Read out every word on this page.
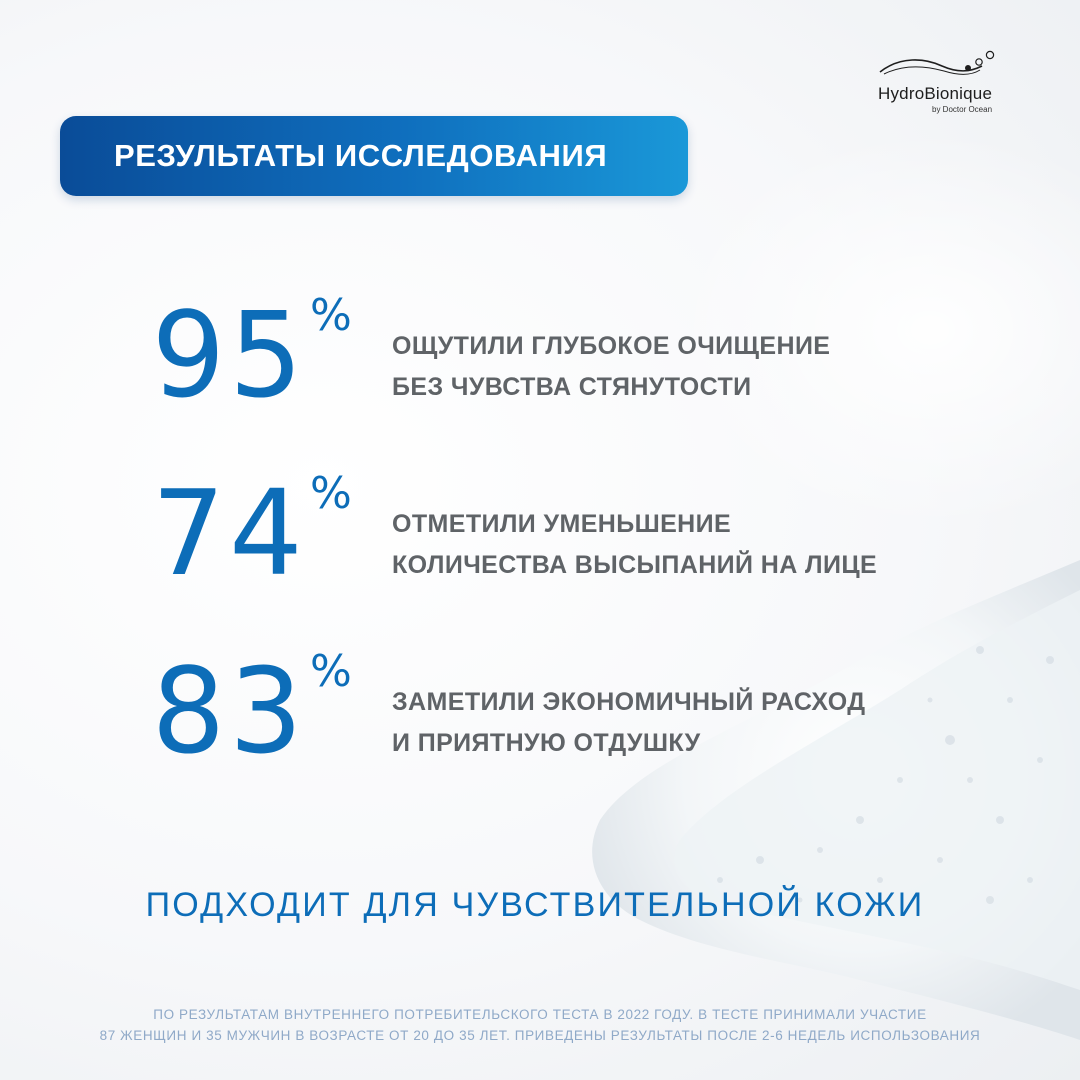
HydroBionique
by Doctor Ocean
РЕЗУЛЬТАТЫ ИССЛЕДОВАНИЯ
95 %
ОЩУТИЛИ ГЛУБОКОЕ ОЧИЩЕНИЕ
БЕЗ ЧУВСТВА СТЯНУТОСТИ
74 %
ОТМЕТИЛИ УМЕНЬШЕНИЕ
КОЛИЧЕСТВА ВЫСЫПАНИЙ НА ЛИЦЕ
83 %
ЗАМЕТИЛИ ЭКОНОМИЧНЫЙ РАСХОД
И ПРИЯТНУЮ ОТДУШКУ
ПОДХОДИТ ДЛЯ ЧУВСТВИТЕЛЬНОЙ КОЖИ
ПО РЕЗУЛЬТАТАМ ВНУТРЕННЕГО ПОТРЕБИТЕЛЬСКОГО ТЕСТА В 2022 ГОДУ. В ТЕСТЕ ПРИНИМАЛИ УЧАСТИЕ
87 ЖЕНЩИН И 35 МУЖЧИН В ВОЗРАСТЕ ОТ 20 ДО 35 ЛЕТ. ПРИВЕДЕНЫ РЕЗУЛЬТАТЫ ПОСЛЕ 2-6 НЕДЕЛЬ ИСПОЛЬЗОВАНИЯ
